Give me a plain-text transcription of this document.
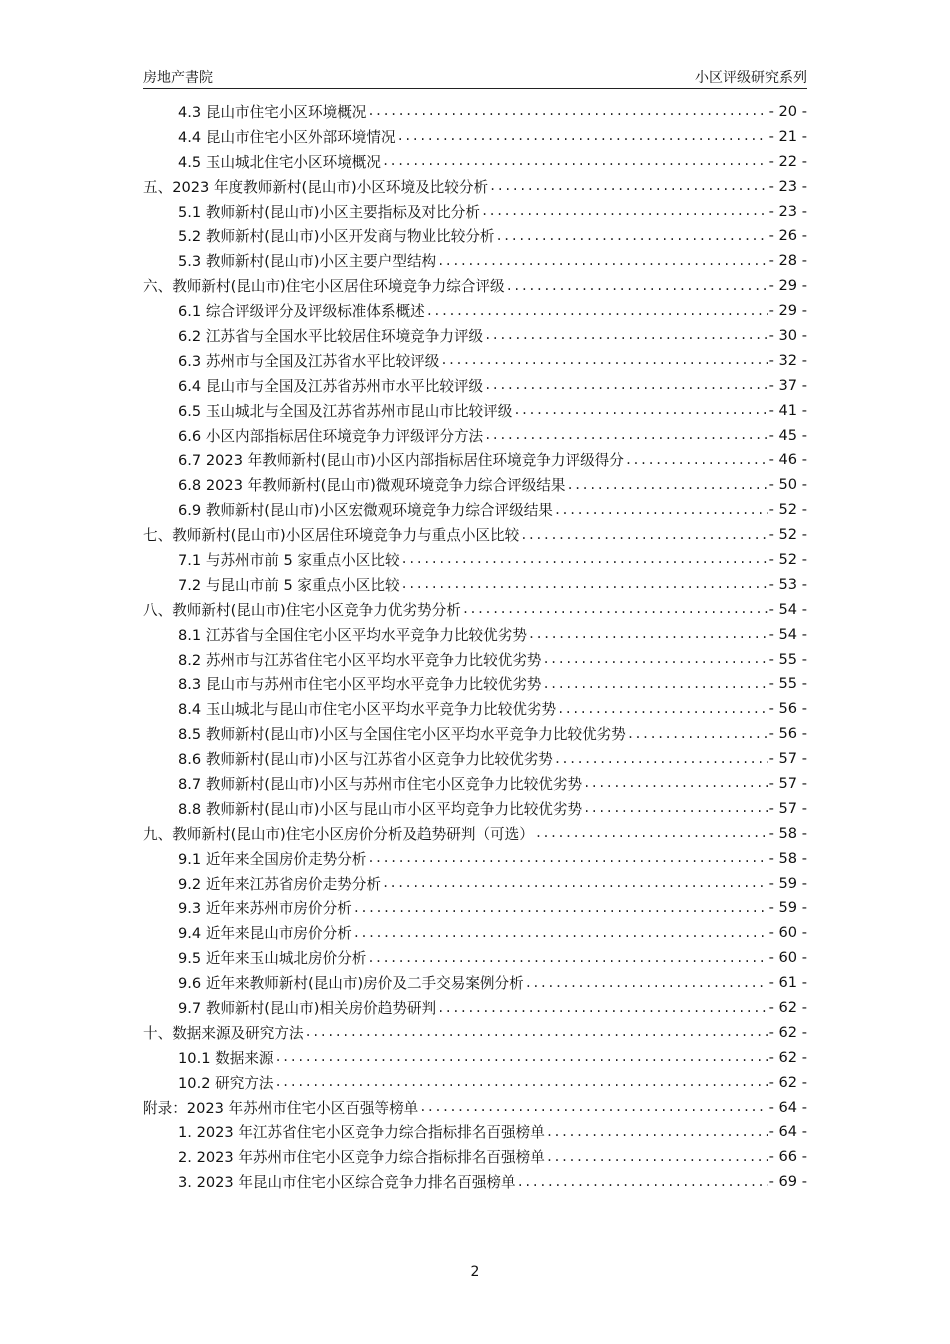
房地产書院	小区评级研究系列
4.3 昆山市住宅小区环境概况 .....	- 20 -
4.4 昆山市住宅小区外部环境情况 .....	- 21 -
4.5 玉山城北住宅小区环境概况 .....	- 22 -
五、2023 年度教师新村(昆山市)小区环境及比较分析 .....	- 23 -
5.1 教师新村(昆山市)小区主要指标及对比分析 .....	- 23 -
5.2 教师新村(昆山市)小区开发商与物业比较分析 .....	- 26 -
5.3 教师新村(昆山市)小区主要户型结构 .....	- 28 -
六、教师新村(昆山市)住宅小区居住环境竞争力综合评级 .....	- 29 -
6.1 综合评级评分及评级标准体系概述 .....	- 29 -
6.2 江苏省与全国水平比较居住环境竞争力评级 .....	- 30 -
6.3 苏州市与全国及江苏省水平比较评级 .....	- 32 -
6.4 昆山市与全国及江苏省苏州市水平比较评级 .....	- 37 -
6.5 玉山城北与全国及江苏省苏州市昆山市比较评级 .....	- 41 -
6.6 小区内部指标居住环境竞争力评级评分方法 .....	- 45 -
6.7 2023 年教师新村(昆山市)小区内部指标居住环境竞争力评级得分 .....	- 46 -
6.8 2023 年教师新村(昆山市)微观环境竞争力综合评级结果 .....	- 50 -
6.9 教师新村(昆山市)小区宏微观环境竞争力综合评级结果 .....	- 52 -
七、教师新村(昆山市)小区居住环境竞争力与重点小区比较 .....	- 52 -
7.1 与苏州市前 5 家重点小区比较 .....	- 52 -
7.2 与昆山市前 5 家重点小区比较 .....	- 53 -
八、教师新村(昆山市)住宅小区竞争力优劣势分析 .....	- 54 -
8.1 江苏省与全国住宅小区平均水平竞争力比较优劣势 .....	- 54 -
8.2 苏州市与江苏省住宅小区平均水平竞争力比较优劣势 .....	- 55 -
8.3 昆山市与苏州市住宅小区平均水平竞争力比较优劣势 .....	- 55 -
8.4 玉山城北与昆山市住宅小区平均水平竞争力比较优劣势 .....	- 56 -
8.5 教师新村(昆山市)小区与全国住宅小区平均水平竞争力比较优劣势 .....	- 56 -
8.6 教师新村(昆山市)小区与江苏省小区竞争力比较优劣势 .....	- 57 -
8.7 教师新村(昆山市)小区与苏州市住宅小区竞争力比较优劣势 .....	- 57 -
8.8 教师新村(昆山市)小区与昆山市小区平均竞争力比较优劣势 .....	- 57 -
九、教师新村(昆山市)住宅小区房价分析及趋势研判（可选） .....	- 58 -
9.1 近年来全国房价走势分析 .....	- 58 -
9.2 近年来江苏省房价走势分析 .....	- 59 -
9.3 近年来苏州市房价分析 .....	- 59 -
9.4 近年来昆山市房价分析 .....	- 60 -
9.5 近年来玉山城北房价分析 .....	- 60 -
9.6 近年来教师新村(昆山市)房价及二手交易案例分析 .....	- 61 -
9.7 教师新村(昆山市)相关房价趋势研判 .....	- 62 -
十、数据来源及研究方法 .....	- 62 -
10.1 数据来源 .....	- 62 -
10.2 研究方法 .....	- 62 -
附录：2023 年苏州市住宅小区百强等榜单 .....	- 64 -
1. 2023 年江苏省住宅小区竞争力综合指标排名百强榜单 .....	- 64 -
2. 2023 年苏州市住宅小区竞争力综合指标排名百强榜单 .....	- 66 -
3. 2023 年昆山市住宅小区综合竞争力排名百强榜单 .....	- 69 -
2
